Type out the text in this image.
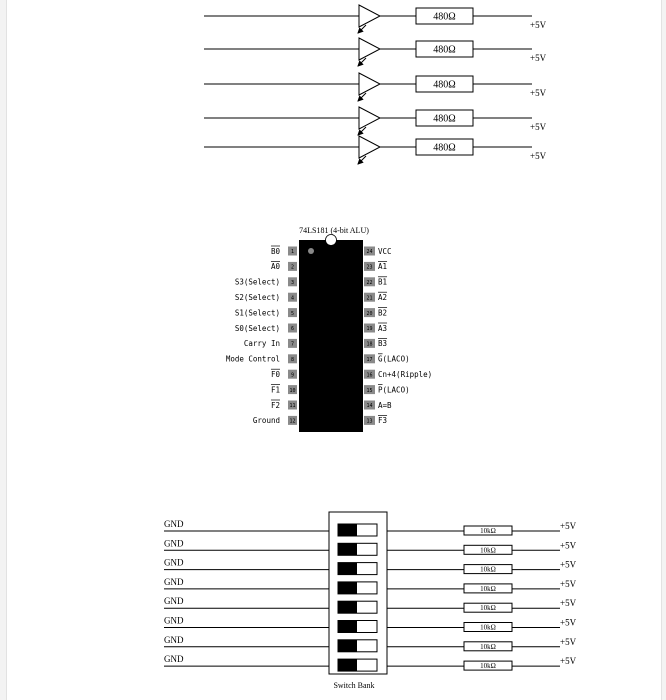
480Ω
+5V
480Ω
+5V
480Ω
+5V
480Ω
+5V
480Ω
+5V
74LS181 (4-bit ALU)
1
B0
2
A0
3
S3(Select)
4
S2(Select)
5
S1(Select)
6
S0(Select)
7
Carry In
8
Mode Control
9
F0
10
F1
11
F2
12
Ground
24 VCC
23 A1
22 B1
21 A2
20 B2
19 A3
18 B3
17 G(LACO)
16 Cn+4(Ripple)
15 P(LACO)
14 A=B
13 F3
Switch Bank
GND
10kΩ	+5V
GND
10kΩ	+5V
GND
10kΩ	+5V
GND
10kΩ	+5V
GND
10kΩ	+5V
GND
10kΩ	+5V
GND
10kΩ	+5V
GND
10kΩ	+5V
